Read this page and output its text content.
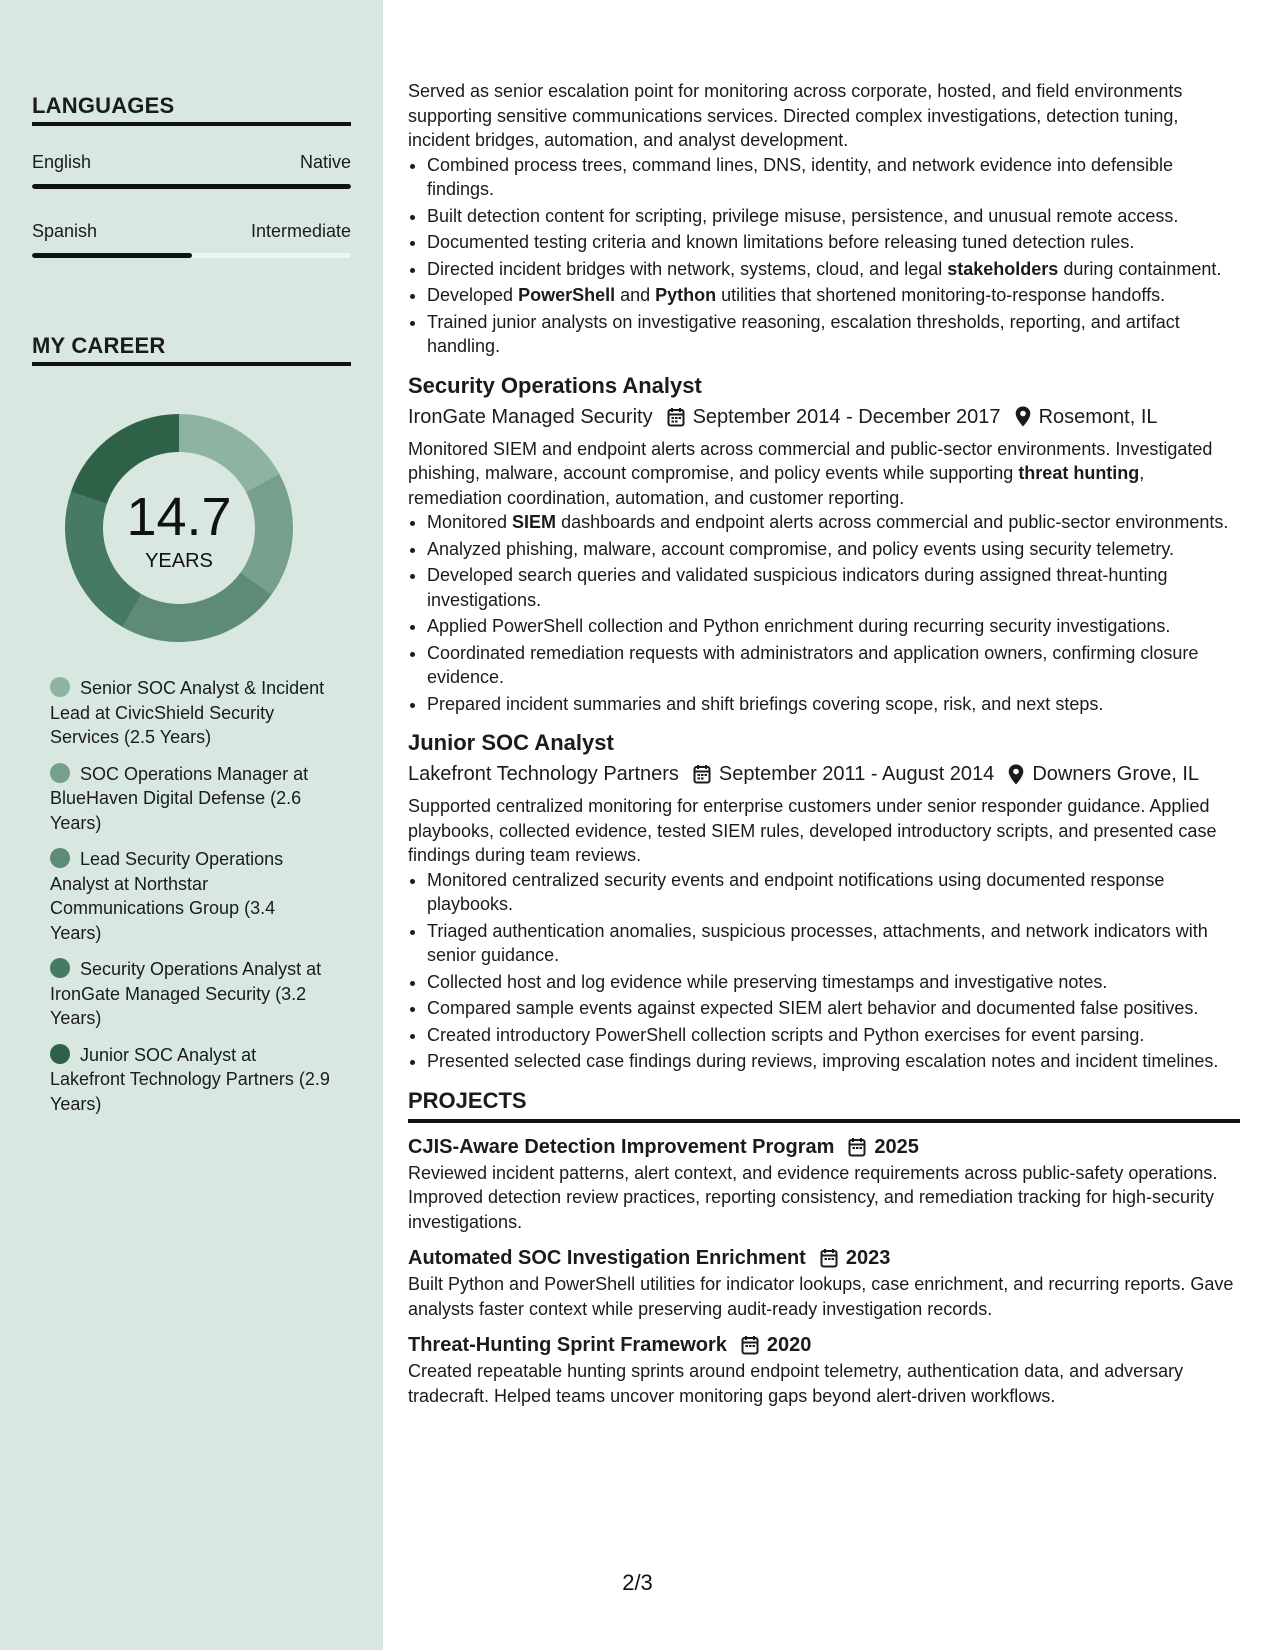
LANGUAGES
English	Native
Spanish	Intermediate
MY CAREER
14.7
YEARS
Senior SOC Analyst & Incident Lead at CivicShield Security Services (2.5 Years)
SOC Operations Manager at BlueHaven Digital Defense (2.6 Years)
Lead Security Operations Analyst at Northstar Communications Group (3.4 Years)
Security Operations Analyst at IronGate Managed Security (3.2 Years)
Junior SOC Analyst at Lakefront Technology Partners (2.9 Years)

Served as senior escalation point for monitoring across corporate, hosted, and field environments supporting sensitive communications services. Directed complex investigations, detection tuning, incident bridges, automation, and analyst development.

• Combined process trees, command lines, DNS, identity, and network evidence into defensible findings.
• Built detection content for scripting, privilege misuse, persistence, and unusual remote access.
• Documented testing criteria and known limitations before releasing tuned detection rules.
• Directed incident bridges with network, systems, cloud, and legal stakeholders during containment.
• Developed PowerShell and Python utilities that shortened monitoring-to-response handoffs.
• Trained junior analysts on investigative reasoning, escalation thresholds, reporting, and artifact handling.
Security Operations Analyst
IronGate Managed Security September 2014 - December 2017 Rosemont, IL

Monitored SIEM and endpoint alerts across commercial and public-sector environments. Investigated phishing, malware, account compromise, and policy events while supporting threat hunting, remediation coordination, automation, and customer reporting.

• Monitored SIEM dashboards and endpoint alerts across commercial and public-sector environments.
• Analyzed phishing, malware, account compromise, and policy events using security telemetry.
• Developed search queries and validated suspicious indicators during assigned threat-hunting investigations.
• Applied PowerShell collection and Python enrichment during recurring security investigations.
• Coordinated remediation requests with administrators and application owners, confirming closure evidence.
• Prepared incident summaries and shift briefings covering scope, risk, and next steps.
Junior SOC Analyst
Lakefront Technology Partners September 2011 - August 2014 Downers Grove, IL

Supported centralized monitoring for enterprise customers under senior responder guidance. Applied playbooks, collected evidence, tested SIEM rules, developed introductory scripts, and presented case findings during team reviews.

• Monitored centralized security events and endpoint notifications using documented response playbooks.
• Triaged authentication anomalies, suspicious processes, attachments, and network indicators with senior guidance.
• Collected host and log evidence while preserving timestamps and investigative notes.
• Compared sample events against expected SIEM alert behavior and documented false positives.
• Created introductory PowerShell collection scripts and Python exercises for event parsing.
• Presented selected case findings during reviews, improving escalation notes and incident timelines.
PROJECTS
CJIS-Aware Detection Improvement Program 2025

Reviewed incident patterns, alert context, and evidence requirements across public-safety operations. Improved detection review practices, reporting consistency, and remediation tracking for high-security investigations.

Automated SOC Investigation Enrichment 2023

Built Python and PowerShell utilities for indicator lookups, case enrichment, and recurring reports. Gave analysts faster context while preserving audit-ready investigation records.

Threat-Hunting Sprint Framework 2020

Created repeatable hunting sprints around endpoint telemetry, authentication data, and adversary tradecraft. Helped teams uncover monitoring gaps beyond alert-driven workflows.

2/3
